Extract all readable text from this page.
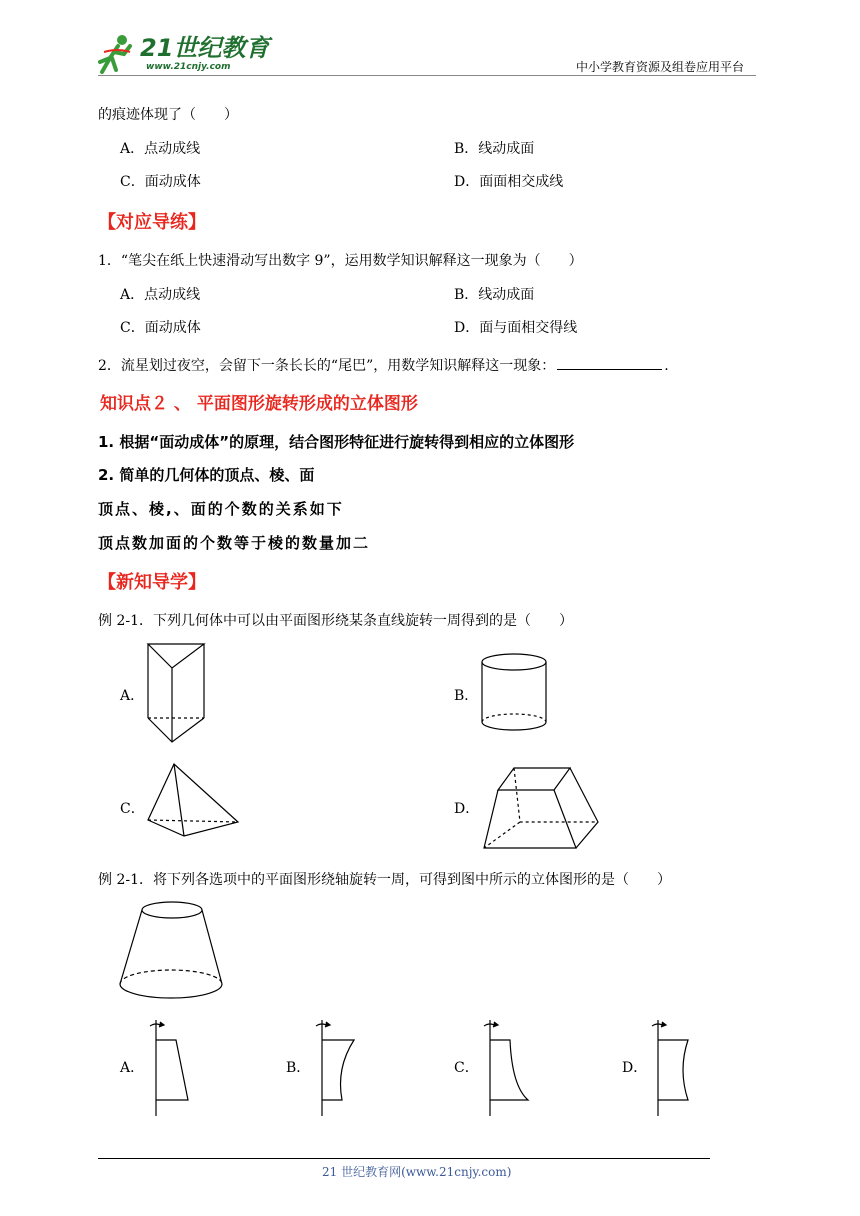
21世纪教育
www.21cnjy.com	中小学教育资源及组卷应用平台
的痕迹体现了（　　）
A．点动成线	B．线动成面
C．面动成体	D．面面相交成线
【对应导练】
1．“笔尖在纸上快速滑动写出数字 9”，运用数学知识解释这一现象为（　　）
A．点动成线	B．线动成面
C．面动成体	D．面与面相交得线
2．流星划过夜空，会留下一条长长的“尾巴”，用数学知识解释这一现象：	.
知识点２ 、 平面图形旋转形成的立体图形
1. 根据“面动成体”的原理，结合图形特征进行旋转得到相应的立体图形
2. 简单的几何体的顶点、棱、面
顶点、棱,、面的个数的关系如下
顶点数加面的个数等于棱的数量加二
【新知导学】
例 2-1．下列几何体中可以由平面图形绕某条直线旋转一周得到的是（　　）
A．	B．
C．	D．
例 2-1．将下列各选项中的平面图形绕轴旋转一周，可得到图中所示的立体图形的是（　　）
A．	B．	C．	D．
21 世纪教育网(www.21cnjy.com)
